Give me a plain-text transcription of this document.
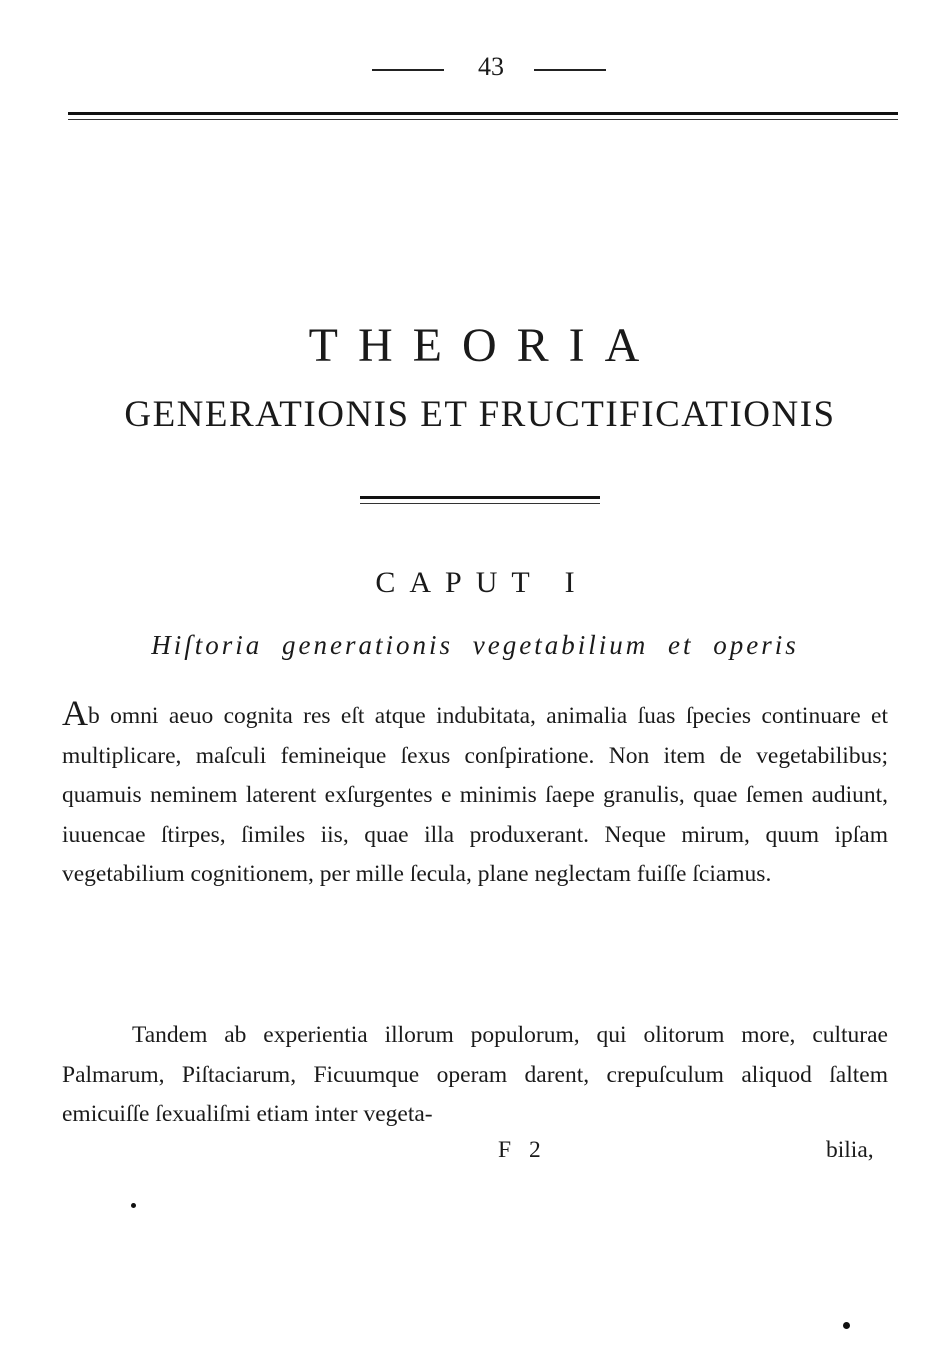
43
THEORIA
GENERATIONIS ET FRUCTIFICATIONIS
CAPUT I
Hiſtoria generationis vegetabilium et operis
Ab omni aeuo cognita res eſt atque indubitata, animalia ſuas ſpecies continuare et multiplicare, maſculi femineique ſexus conſpiratione. Non item de vegetabilibus; quamuis neminem laterent exſurgentes e minimis ſaepe granulis, quae ſemen audiunt, iuuencae ſtirpes, ſimiles iis, quae illa produxerant. Neque mirum, quum ipſam vegetabilium cognitionem, per mille ſecula, plane neglectam fuiſſe ſciamus.
Tandem ab experientia illorum populorum, qui olitorum more, culturae Palmarum, Piſtaciarum, Ficuumque operam darent, crepuſculum aliquod ſaltem emicuiſſe ſexualiſmi etiam inter vegeta-
F 2	bilia,
